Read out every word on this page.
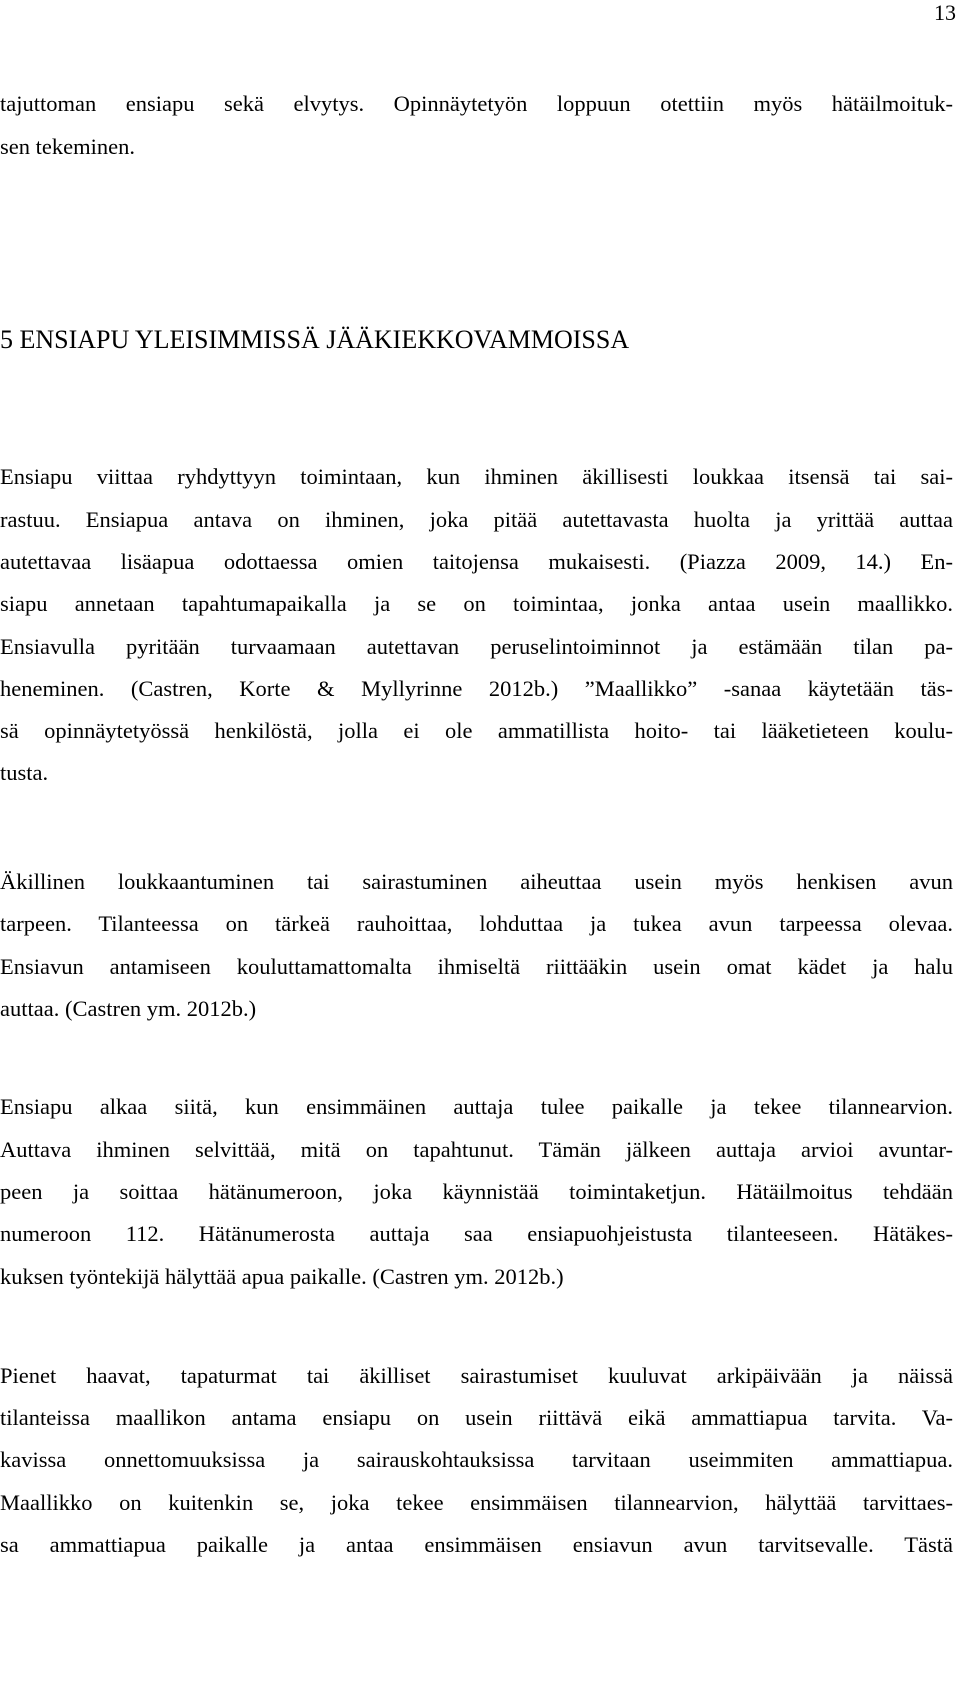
13

tajuttoman ensiapu sekä elvytys. Opinnäytetyön loppuun otettiin myös hätäilmoituk-

sen tekeminen.

5 ENSIAPU YLEISIMMISSÄ JÄÄKIEKKOVAMMOISSA

Ensiapu viittaa ryhdyttyyn toimintaan, kun ihminen äkillisesti loukkaa itsensä tai sai-

rastuu. Ensiapua antava on ihminen, joka pitää autettavasta huolta ja yrittää auttaa

autettavaa lisäapua odottaessa omien taitojensa mukaisesti. (Piazza 2009, 14.) En-

siapu annetaan tapahtumapaikalla ja se on toimintaa, jonka antaa usein maallikko.

Ensiavulla pyritään turvaamaan autettavan peruselintoiminnot ja estämään tilan pa-

heneminen. (Castren, Korte & Myllyrinne 2012b.) ”Maallikko” -sanaa käytetään täs-

sä opinnäytetyössä henkilöstä, jolla ei ole ammatillista hoito- tai lääketieteen koulu-

tusta.

Äkillinen loukkaantuminen tai sairastuminen aiheuttaa usein myös henkisen avun

tarpeen. Tilanteessa on tärkeä rauhoittaa, lohduttaa ja tukea avun tarpeessa olevaa.

Ensiavun antamiseen kouluttamattomalta ihmiseltä riittääkin usein omat kädet ja halu

auttaa. (Castren ym. 2012b.)

Ensiapu alkaa siitä, kun ensimmäinen auttaja tulee paikalle ja tekee tilannearvion.

Auttava ihminen selvittää, mitä on tapahtunut. Tämän jälkeen auttaja arvioi avuntar-

peen ja soittaa hätänumeroon, joka käynnistää toimintaketjun. Hätäilmoitus tehdään

numeroon 112. Hätänumerosta auttaja saa ensiapuohjeistusta tilanteeseen. Hätäkes-

kuksen työntekijä hälyttää apua paikalle. (Castren ym. 2012b.)

Pienet haavat, tapaturmat tai äkilliset sairastumiset kuuluvat arkipäivään ja näissä

tilanteissa maallikon antama ensiapu on usein riittävä eikä ammattiapua tarvita. Va-

kavissa onnettomuuksissa ja sairauskohtauksissa tarvitaan useimmiten ammattiapua.

Maallikko on kuitenkin se, joka tekee ensimmäisen tilannearvion, hälyttää tarvittaes-

sa ammattiapua paikalle ja antaa ensimmäisen ensiavun avun tarvitsevalle. Tästä
